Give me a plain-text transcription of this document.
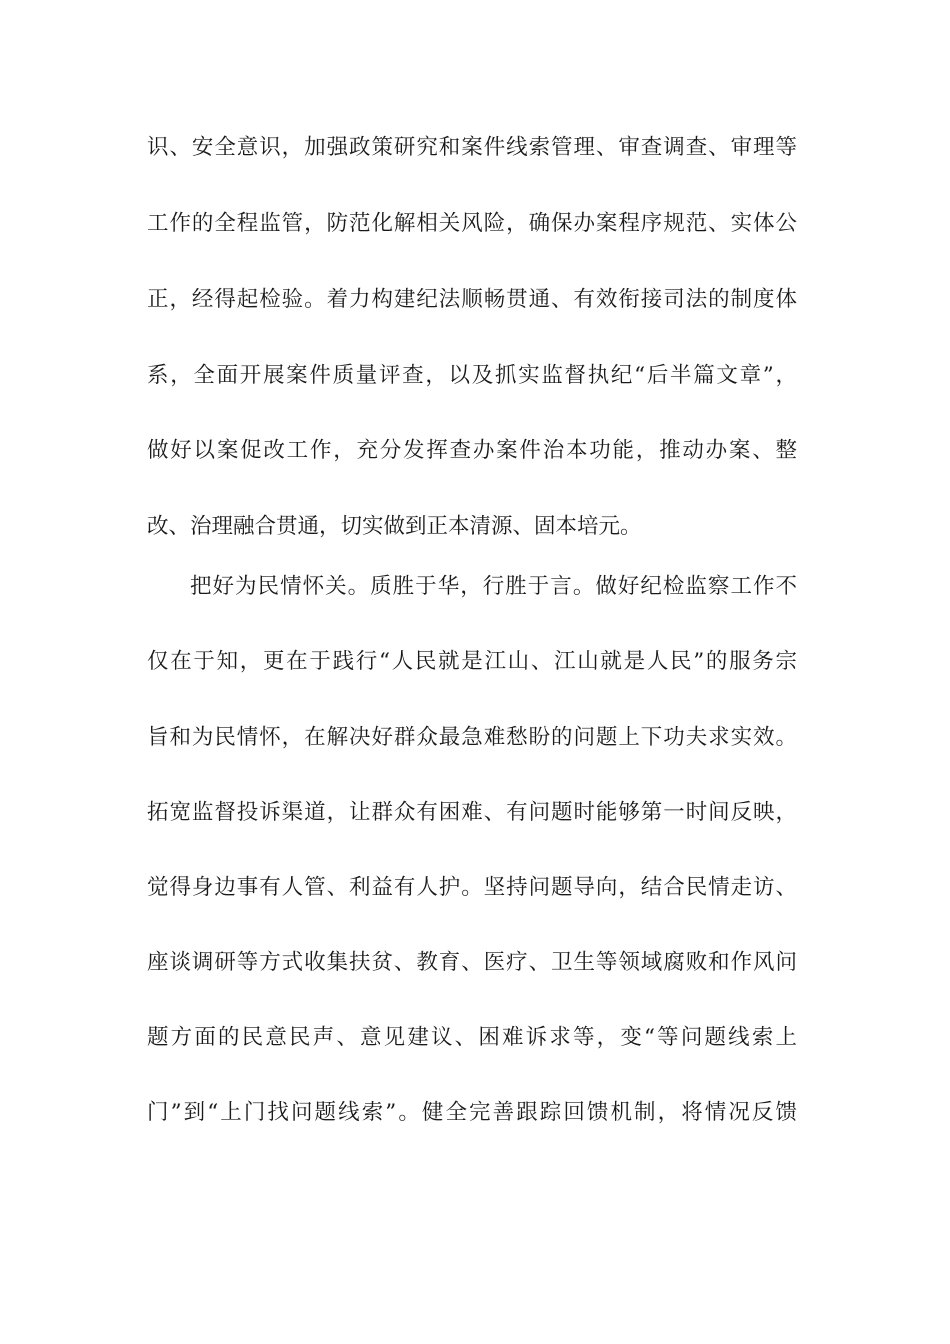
识、安全意识，加强政策研究和案件线索管理、审查调查、审理等
工作的全程监管，防范化解相关风险，确保办案程序规范、实体公
正，经得起检验。着力构建纪法顺畅贯通、有效衔接司法的制度体
系，全面开展案件质量评查，以及抓实监督执纪“后半篇文章”，
做好以案促改工作，充分发挥查办案件治本功能，推动办案、整
改、治理融合贯通，切实做到正本清源、固本培元。
把好为民情怀关。质胜于华，行胜于言。做好纪检监察工作不
仅在于知，更在于践行“人民就是江山、江山就是人民”的服务宗
旨和为民情怀，在解决好群众最急难愁盼的问题上下功夫求实效。
拓宽监督投诉渠道，让群众有困难、有问题时能够第一时间反映，
觉得身边事有人管、利益有人护。坚持问题导向，结合民情走访、
座谈调研等方式收集扶贫、教育、医疗、卫生等领域腐败和作风问
题方面的民意民声、意见建议、困难诉求等，变“等问题线索上
门”到“上门找问题线索”。健全完善跟踪回馈机制，将情况反馈
